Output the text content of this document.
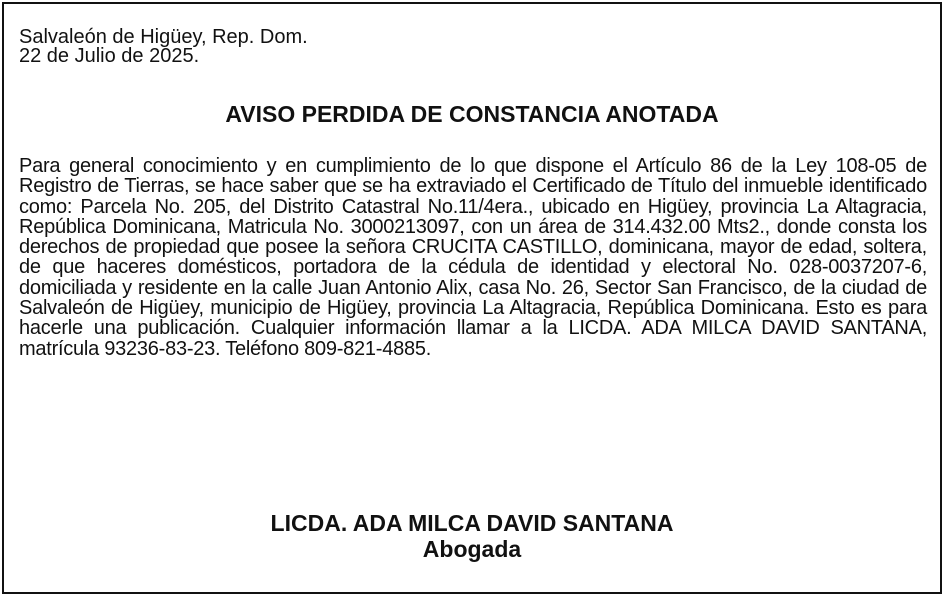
Salvaleón de Higüey, Rep. Dom.
22 de Julio de 2025.
AVISO PERDIDA DE CONSTANCIA ANOTADA

Para general conocimiento y en cumplimiento de lo que dispone el Artículo 86 de la Ley 108-05 de Registro de Tierras, se hace saber que se ha extraviado el Certificado de Título del inmueble identificado como: Parcela No. 205, del Distrito Catastral No.11/4era., ubicado en Higüey, provincia La Altagracia, República Dominicana, Matricula No. 3000213097, con un área de 314.432.00 Mts2., donde consta los derechos de propiedad que posee la señora CRUCITA CASTILLO, dominicana, mayor de edad, soltera, de que haceres domésticos, portadora de la cédula de identidad y electoral No. 028-0037207-6, domiciliada y residente en la calle Juan Antonio Alix, casa No. 26, Sector San Francisco, de la ciudad de Salvaleón de Higüey, municipio de Higüey, provincia La Altagracia, República Dominicana. Esto es para hacerle una publicación. Cualquier información llamar a la LICDA. ADA MILCA DAVID SANTANA, matrícula 93236-83-23. Teléfono 809-821-4885.

LICDA. ADA MILCA DAVID SANTANA
Abogada
